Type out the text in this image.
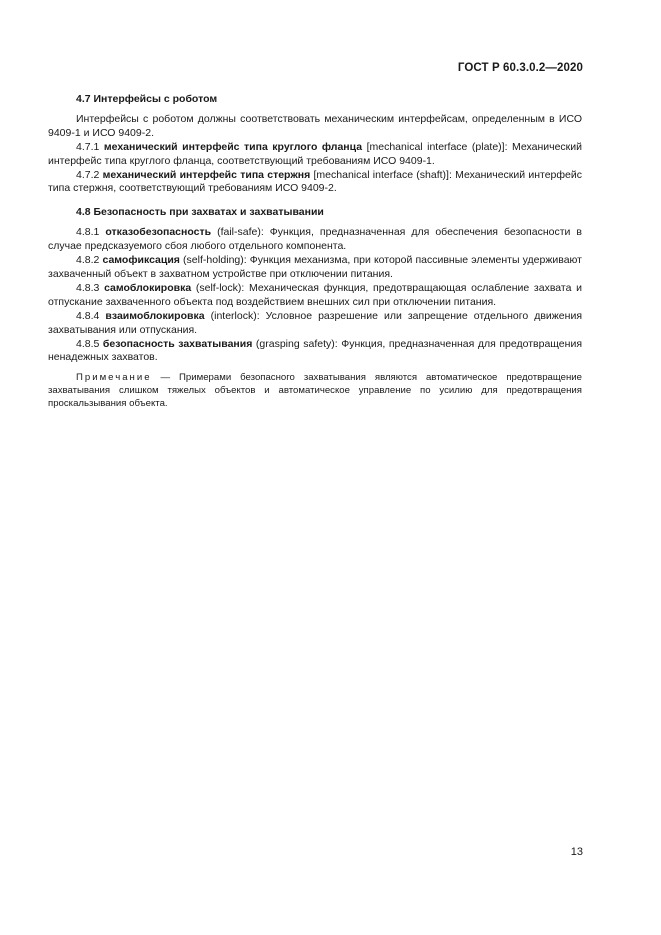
ГОСТ Р 60.3.0.2—2020
4.7 Интерфейсы с роботом

Интерфейсы с роботом должны соответствовать механическим интерфейсам, определенным в ИСО 9409-1 и ИСО 9409-2.

4.7.1 механический интерфейс типа круглого фланца [mechanical interface (plate)]: Механический интерфейс типа круглого фланца, соответствующий требованиям ИСО 9409-1.

4.7.2 механический интерфейс типа стержня [mechanical interface (shaft)]: Механический интерфейс типа стержня, соответствующий требованиям ИСО 9409-2.

4.8 Безопасность при захватах и захватывании

4.8.1 отказобезопасность (fail-safe): Функция, предназначенная для обеспечения безопасности в случае предсказуемого сбоя любого отдельного компонента.

4.8.2 самофиксация (self-holding): Функция механизма, при которой пассивные элементы удерживают захваченный объект в захватном устройстве при отключении питания.

4.8.3 самоблокировка (self-lock): Механическая функция, предотвращающая ослабление захвата и отпускание захваченного объекта под воздействием внешних сил при отключении питания.

4.8.4 взаимоблокировка (interlock): Условное разрешение или запрещение отдельного движения захватывания или отпускания.

4.8.5 безопасность захватывания (grasping safety): Функция, предназначенная для предотвращения ненадежных захватов.

Примечание — Примерами безопасного захватывания являются автоматическое предотвращение захватывания слишком тяжелых объектов и автоматическое управление по усилию для предотвращения проскальзывания объекта.

13
